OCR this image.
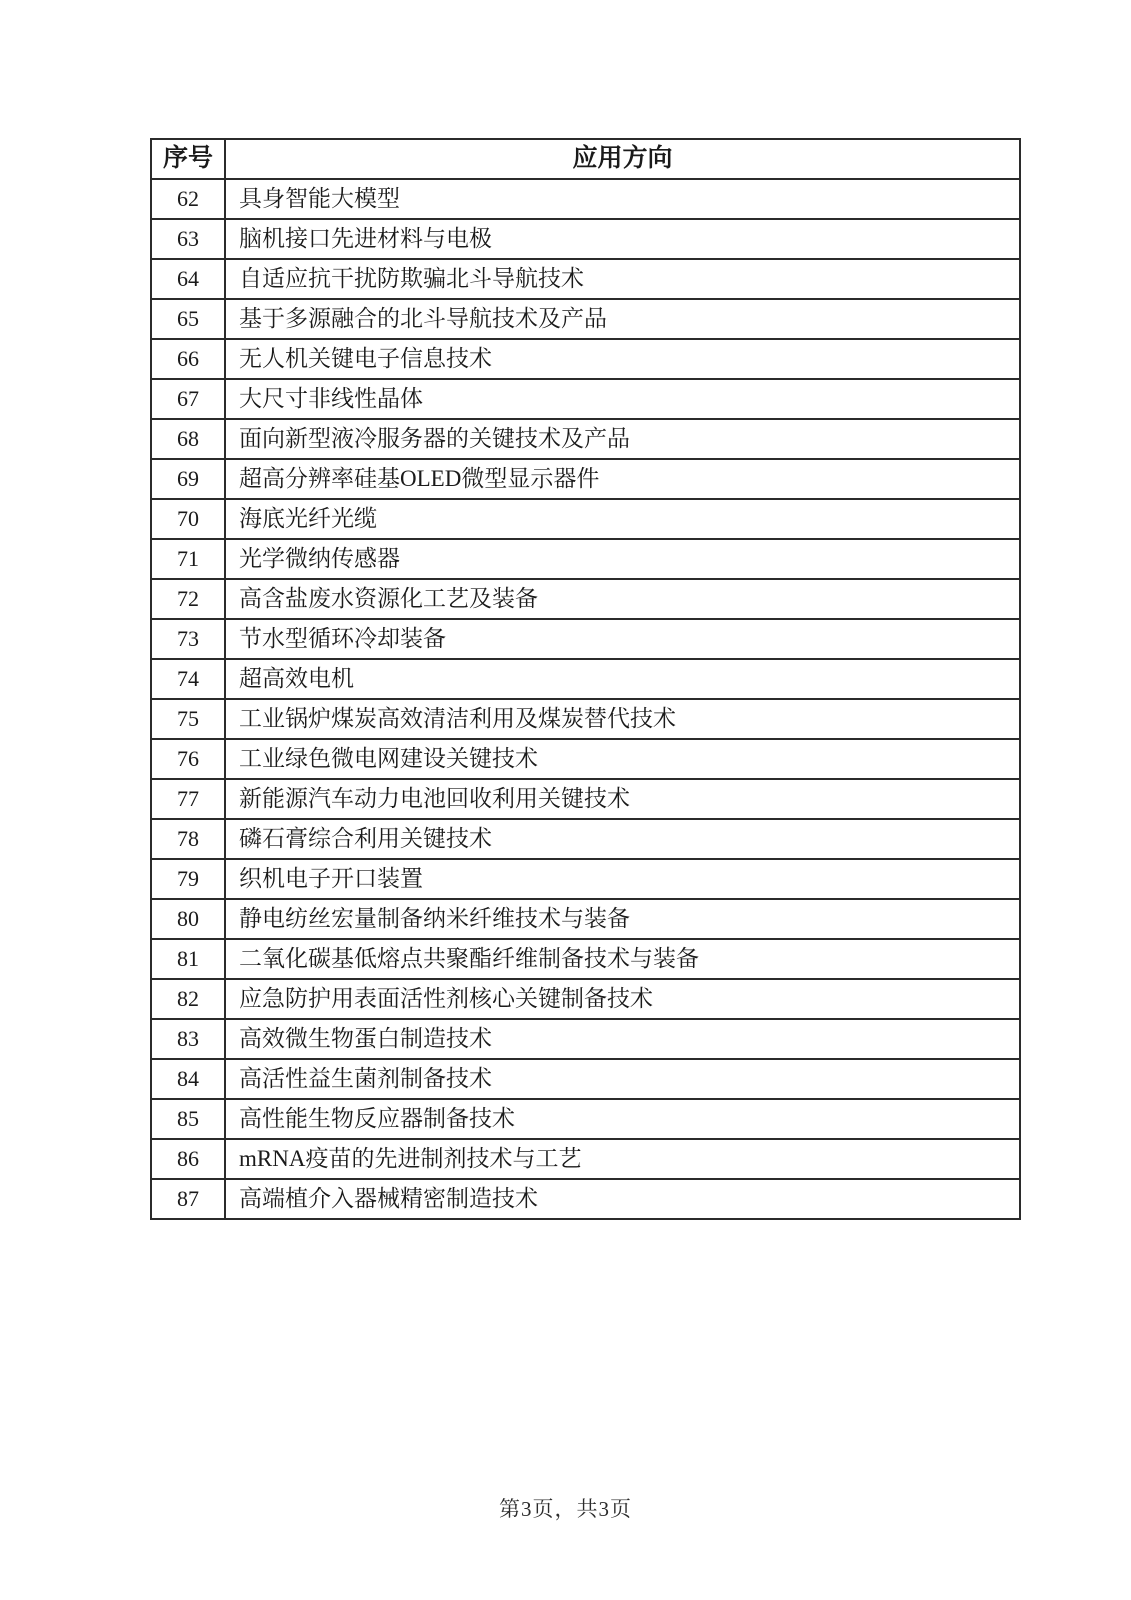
序号	应用方向
62	具身智能大模型
63	脑机接口先进材料与电极
64	自适应抗干扰防欺骗北斗导航技术
65	基于多源融合的北斗导航技术及产品
66	无人机关键电子信息技术
67	大尺寸非线性晶体
68	面向新型液冷服务器的关键技术及产品
69	超高分辨率硅基OLED微型显示器件
70	海底光纤光缆
71	光学微纳传感器
72	高含盐废水资源化工艺及装备
73	节水型循环冷却装备
74	超高效电机
75	工业锅炉煤炭高效清洁利用及煤炭替代技术
76	工业绿色微电网建设关键技术
77	新能源汽车动力电池回收利用关键技术
78	磷石膏综合利用关键技术
79	织机电子开口装置
80	静电纺丝宏量制备纳米纤维技术与装备
81	二氧化碳基低熔点共聚酯纤维制备技术与装备
82	应急防护用表面活性剂核心关键制备技术
83	高效微生物蛋白制造技术
84	高活性益生菌剂制备技术
85	高性能生物反应器制备技术
86	mRNA疫苗的先进制剂技术与工艺
87	高端植介入器械精密制造技术
第3页，共3页
